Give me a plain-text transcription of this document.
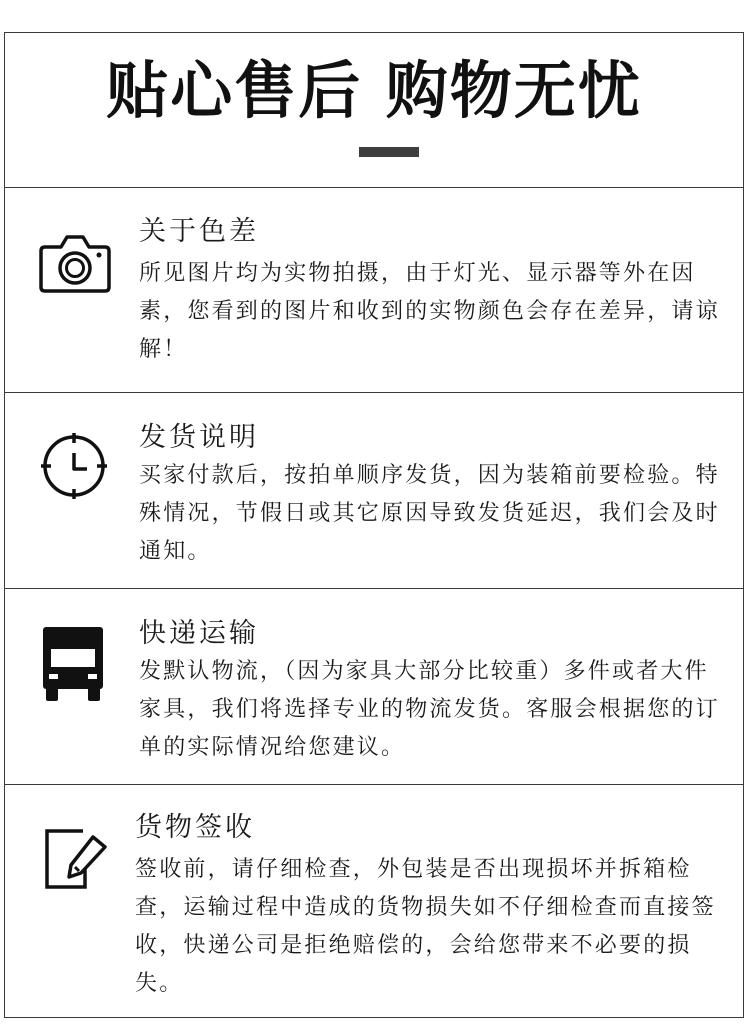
贴心售后 购物无忧
关于色差
所见图片均为实物拍摄，由于灯光、显示器等外在因素，您看到的图片和收到的实物颜色会存在差异，请谅解！
发货说明
买家付款后，按拍单顺序发货，因为装箱前要检验。特殊情况，节假日或其它原因导致发货延迟，我们会及时通知。
快递运输
发默认物流，（因为家具大部分比较重）多件或者大件家具，我们将选择专业的物流发货。客服会根据您的订单的实际情况给您建议。
货物签收
签收前，请仔细检查，外包装是否出现损坏并拆箱检查，运输过程中造成的货物损失如不仔细检查而直接签收，快递公司是拒绝赔偿的，会给您带来不必要的损失。
